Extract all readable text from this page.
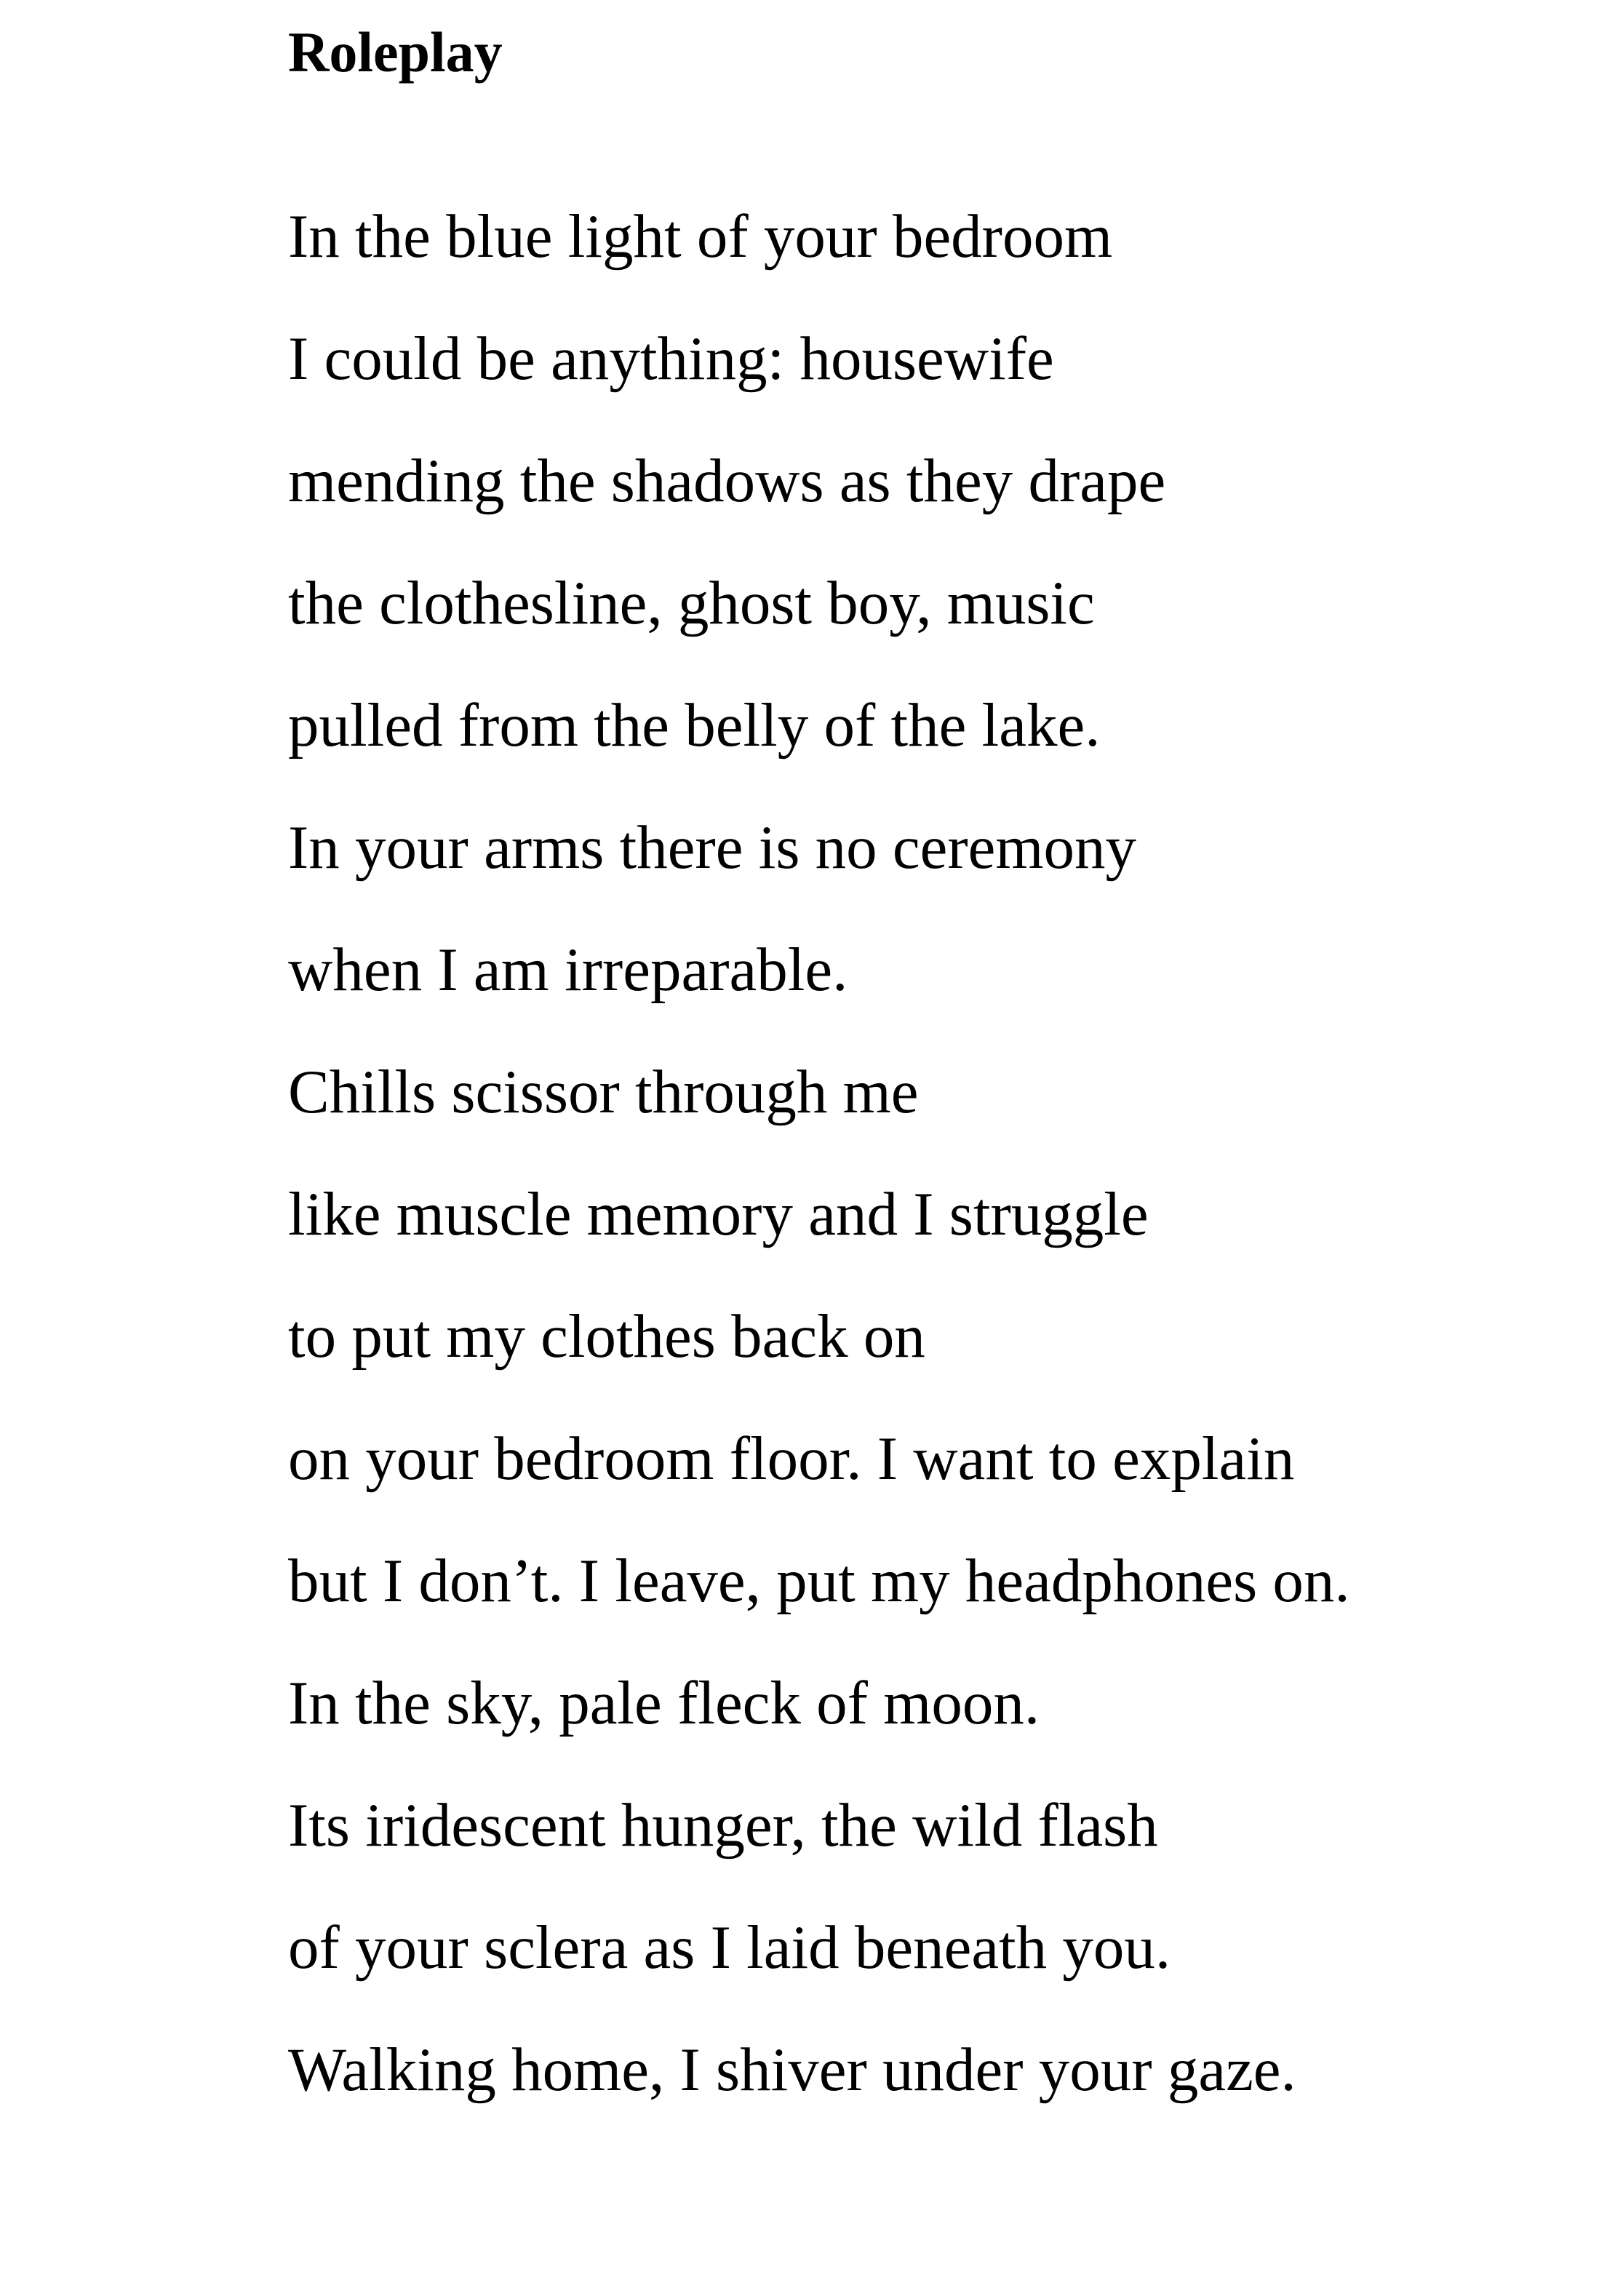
Roleplay
In the blue light of your bedroom
I could be anything: housewife
mending the shadows as they drape
the clothesline, ghost boy, music
pulled from the belly of the lake.
In your arms there is no ceremony
when I am irreparable.
Chills scissor through me
like muscle memory and I struggle
to put my clothes back on
on your bedroom floor. I want to explain
but I don’t. I leave, put my headphones on.
In the sky, pale fleck of moon.
Its iridescent hunger, the wild flash
of your sclera as I laid beneath you.
Walking home, I shiver under your gaze.
